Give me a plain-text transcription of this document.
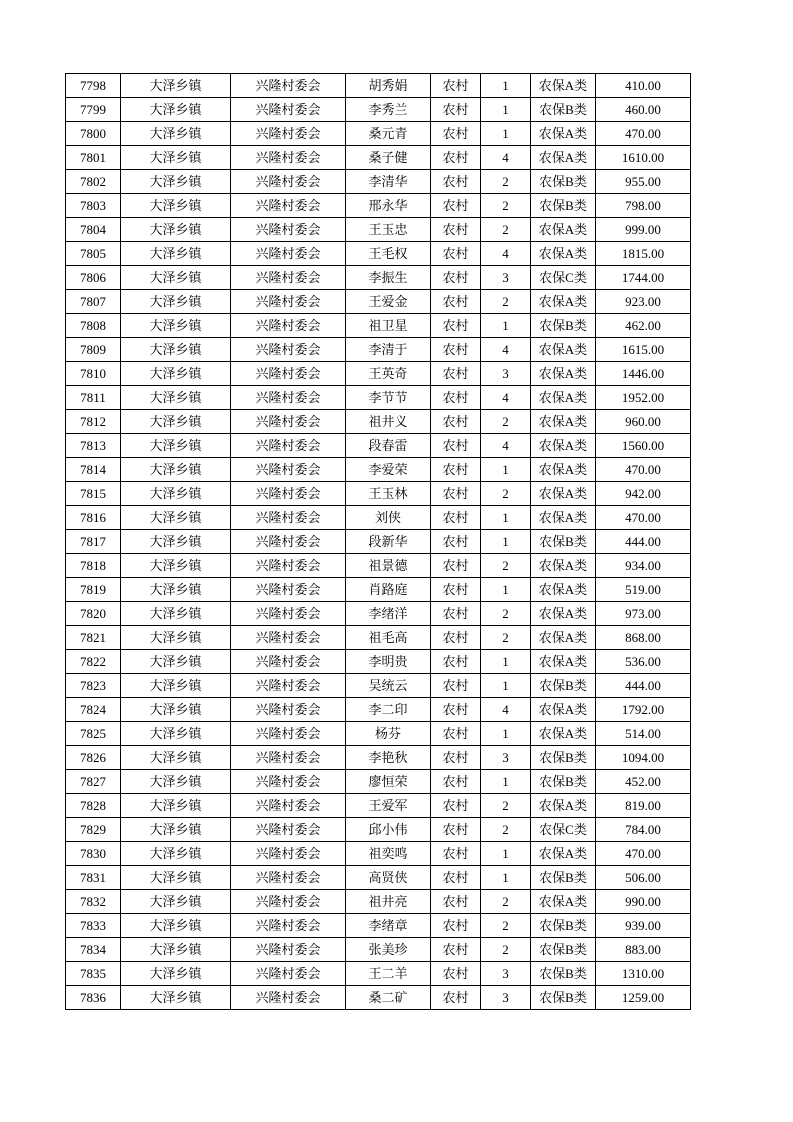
7798	大泽乡镇	兴隆村委会	胡秀娟	农村	1	农保A类	410.00
7799	大泽乡镇	兴隆村委会	李秀兰	农村	1	农保B类	460.00
7800	大泽乡镇	兴隆村委会	桑元青	农村	1	农保A类	470.00
7801	大泽乡镇	兴隆村委会	桑子健	农村	4	农保A类	1610.00
7802	大泽乡镇	兴隆村委会	李清华	农村	2	农保B类	955.00
7803	大泽乡镇	兴隆村委会	邢永华	农村	2	农保B类	798.00
7804	大泽乡镇	兴隆村委会	王玉忠	农村	2	农保A类	999.00
7805	大泽乡镇	兴隆村委会	王毛权	农村	4	农保A类	1815.00
7806	大泽乡镇	兴隆村委会	李振生	农村	3	农保C类	1744.00
7807	大泽乡镇	兴隆村委会	王爱金	农村	2	农保A类	923.00
7808	大泽乡镇	兴隆村委会	祖卫星	农村	1	农保B类	462.00
7809	大泽乡镇	兴隆村委会	李清于	农村	4	农保A类	1615.00
7810	大泽乡镇	兴隆村委会	王英奇	农村	3	农保A类	1446.00
7811	大泽乡镇	兴隆村委会	李节节	农村	4	农保A类	1952.00
7812	大泽乡镇	兴隆村委会	祖井义	农村	2	农保A类	960.00
7813	大泽乡镇	兴隆村委会	段春雷	农村	4	农保A类	1560.00
7814	大泽乡镇	兴隆村委会	李爱荣	农村	1	农保A类	470.00
7815	大泽乡镇	兴隆村委会	王玉林	农村	2	农保A类	942.00
7816	大泽乡镇	兴隆村委会	刘侠	农村	1	农保A类	470.00
7817	大泽乡镇	兴隆村委会	段新华	农村	1	农保B类	444.00
7818	大泽乡镇	兴隆村委会	祖景德	农村	2	农保A类	934.00
7819	大泽乡镇	兴隆村委会	肖路庭	农村	1	农保A类	519.00
7820	大泽乡镇	兴隆村委会	李绪洋	农村	2	农保A类	973.00
7821	大泽乡镇	兴隆村委会	祖毛高	农村	2	农保A类	868.00
7822	大泽乡镇	兴隆村委会	李明贵	农村	1	农保A类	536.00
7823	大泽乡镇	兴隆村委会	吴统云	农村	1	农保B类	444.00
7824	大泽乡镇	兴隆村委会	李二印	农村	4	农保A类	1792.00
7825	大泽乡镇	兴隆村委会	杨芬	农村	1	农保A类	514.00
7826	大泽乡镇	兴隆村委会	李艳秋	农村	3	农保B类	1094.00
7827	大泽乡镇	兴隆村委会	廖恒荣	农村	1	农保B类	452.00
7828	大泽乡镇	兴隆村委会	王爱军	农村	2	农保A类	819.00
7829	大泽乡镇	兴隆村委会	邱小伟	农村	2	农保C类	784.00
7830	大泽乡镇	兴隆村委会	祖奕鸣	农村	1	农保A类	470.00
7831	大泽乡镇	兴隆村委会	高贤侠	农村	1	农保B类	506.00
7832	大泽乡镇	兴隆村委会	祖井亮	农村	2	农保A类	990.00
7833	大泽乡镇	兴隆村委会	李绪章	农村	2	农保B类	939.00
7834	大泽乡镇	兴隆村委会	张美珍	农村	2	农保B类	883.00
7835	大泽乡镇	兴隆村委会	王二羊	农村	3	农保B类	1310.00
7836	大泽乡镇	兴隆村委会	桑二矿	农村	3	农保B类	1259.00
